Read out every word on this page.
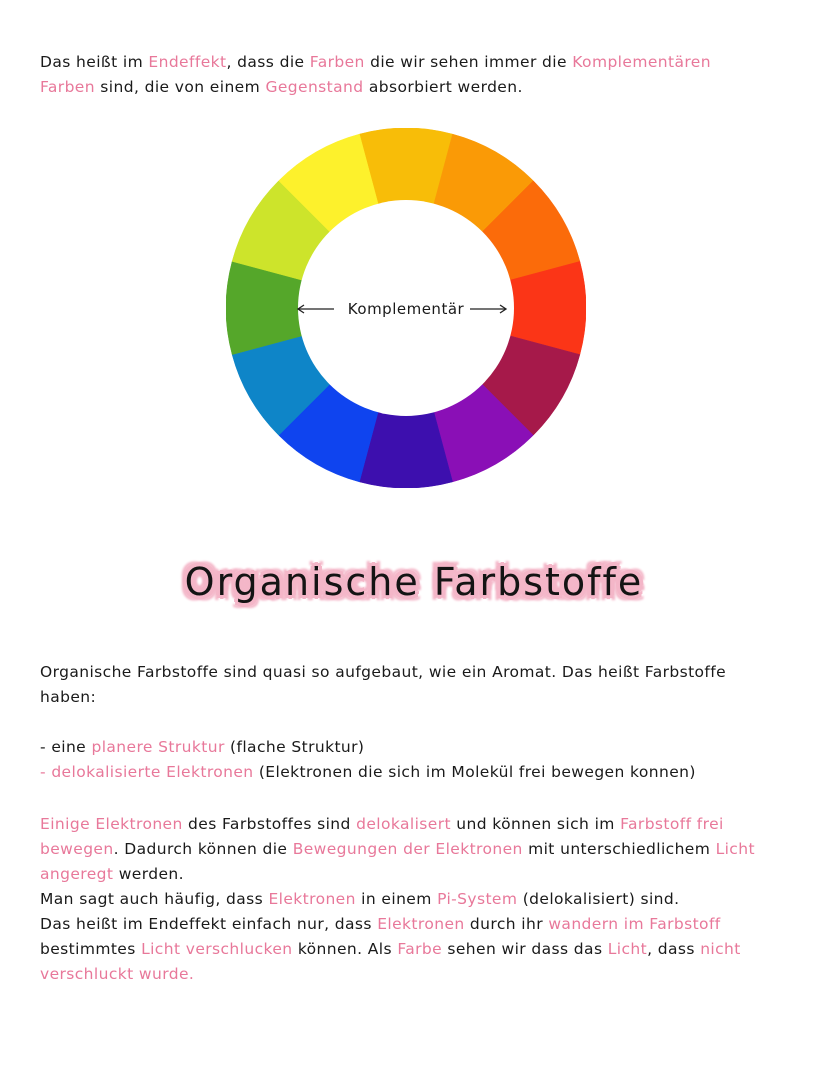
Das heißt im Endeffekt, dass die Farben die wir sehen immer die Komplementären
Farben sind, die von einem Gegenstand absorbiert werden.
Komplementär
Organische Farbstoffe
Organische Farbstoffe sind quasi so aufgebaut, wie ein Aromat. Das heißt Farbstoffe
haben:
- eine planere Struktur (flache Struktur)
- delokalisierte Elektronen (Elektronen die sich im Molekül frei bewegen konnen)
Einige Elektronen des Farbstoffes sind delokalisert und können sich im Farbstoff frei
bewegen. Dadurch können die Bewegungen der Elektronen mit unterschiedlichem Licht
angeregt werden.
Man sagt auch häufig, dass Elektronen in einem Pi-System (delokalisiert) sind.
Das heißt im Endeffekt einfach nur, dass Elektronen durch ihr wandern im Farbstoff
bestimmtes Licht verschlucken können. Als Farbe sehen wir dass das Licht, dass nicht
verschluckt wurde.
